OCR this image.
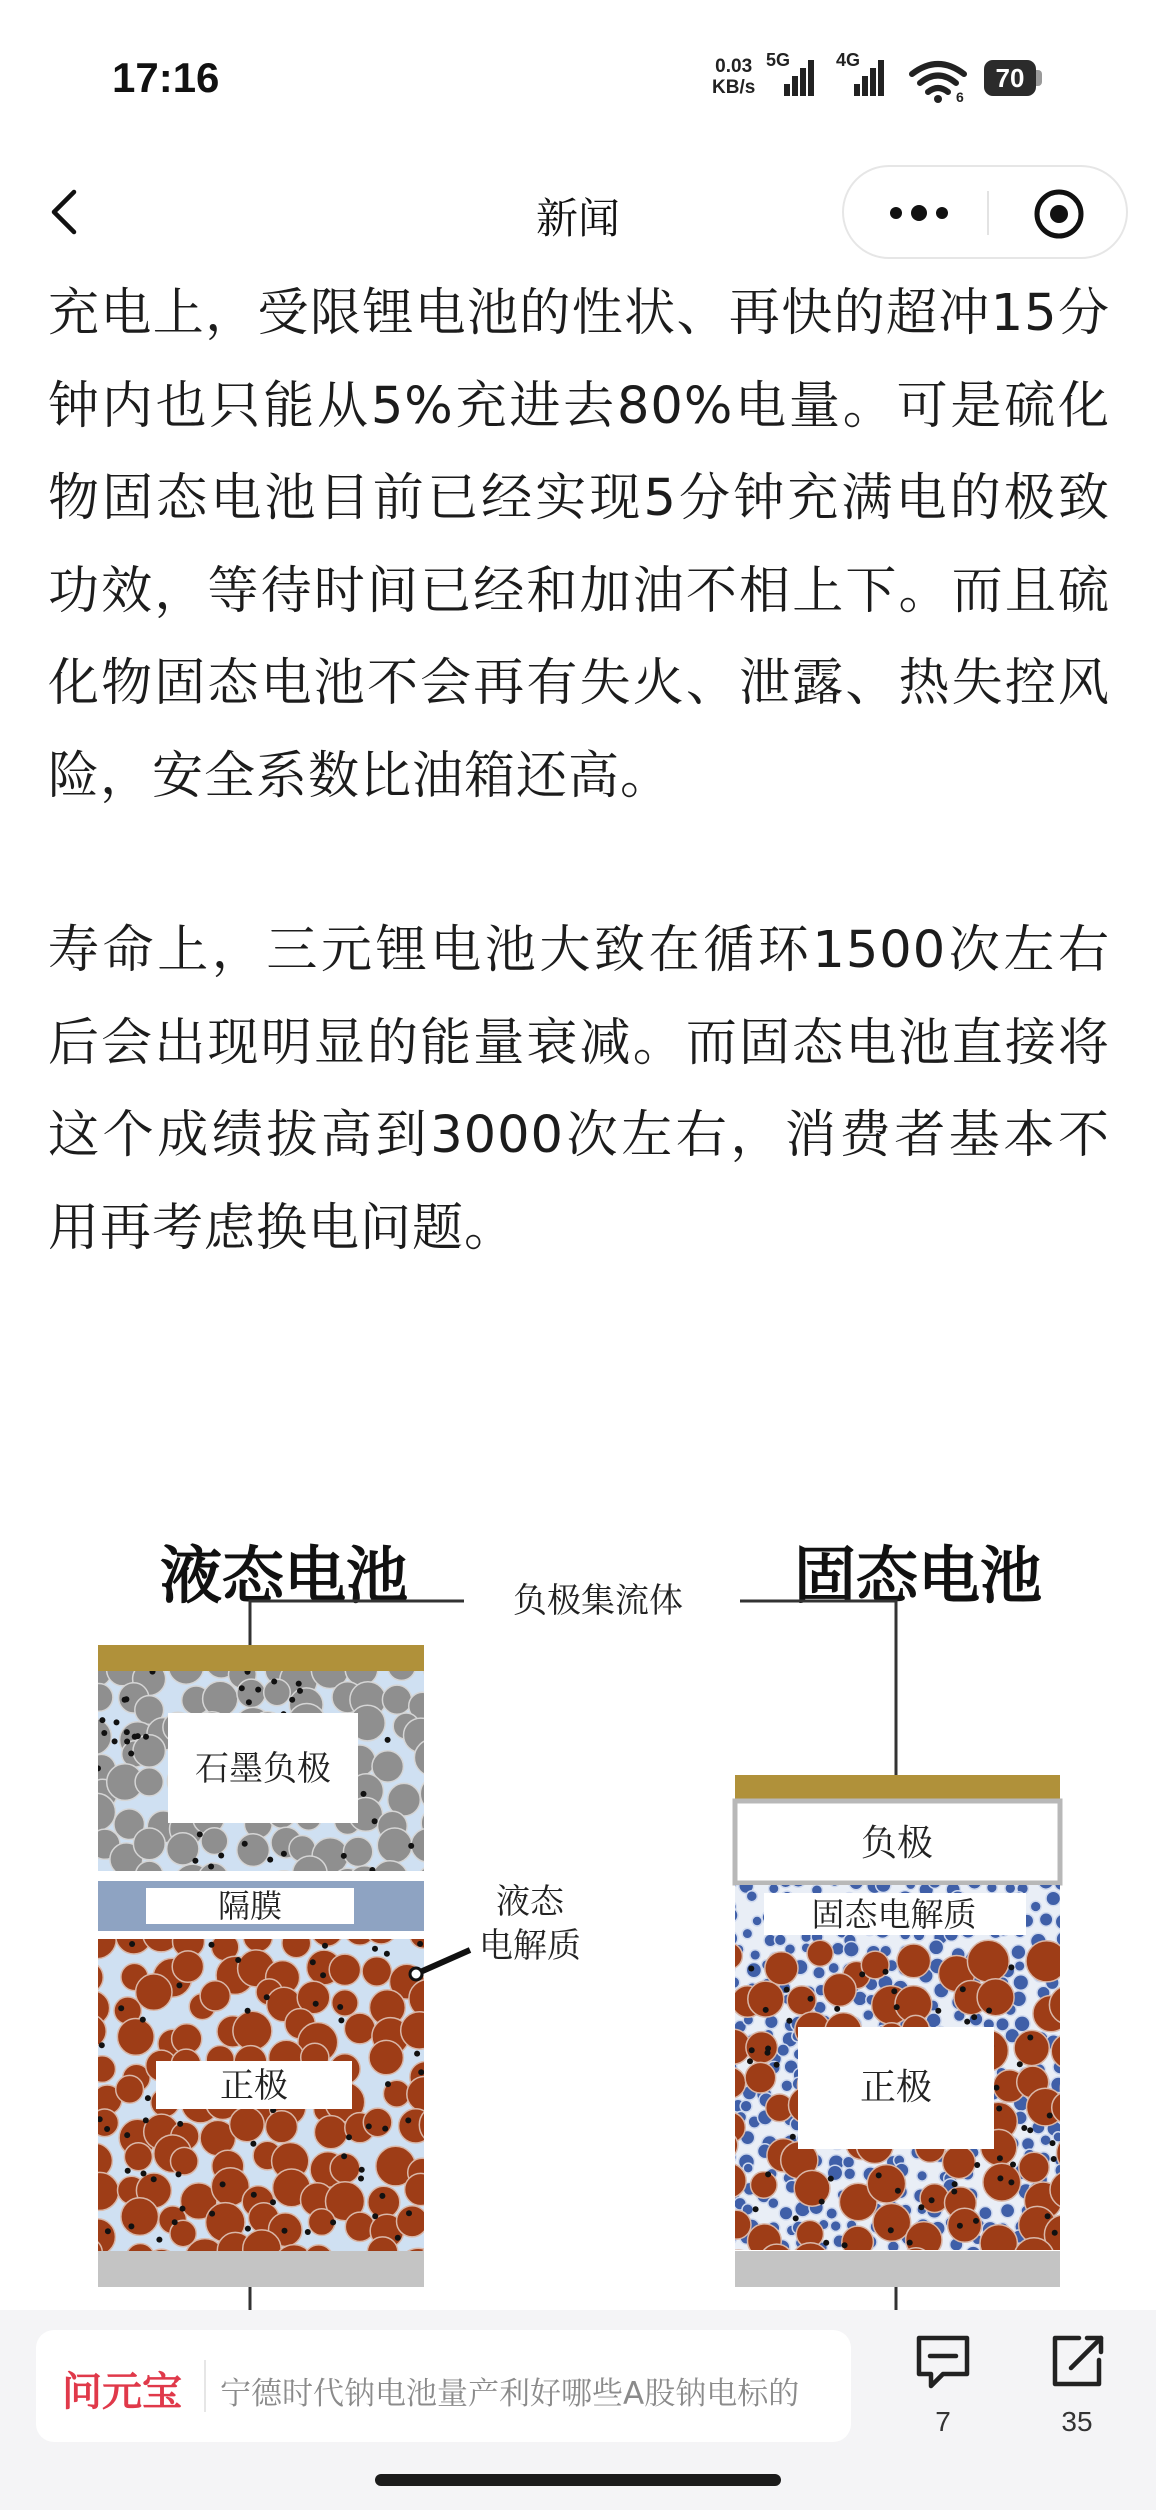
17:16	0.03
KB/s
5G	4G
6
70
新闻

充电上，受限锂电池的性状、再快的超冲15分钟内也只能从5%充进去80%电量。可是硫化物固态电池目前已经实现5分钟充满电的极致功效，等待时间已经和加油不相上下。而且硫化物固态电池不会再有失火、泄露、热失控风险，安全系数比油箱还高。

寿命上，三元锂电池大致在循环1500次左右后会出现明显的能量衰减。而固态电池直接将这个成绩拔高到3000次左右，消费者基本不用再考虑换电问题。

液态电池	固态电池
负极集流体
石墨负极
隔膜
正极
液态
电解质
负极
固态电解质
正极
问元宝 宁德时代钠电池量产利好哪些A股钠电标的
7	35
